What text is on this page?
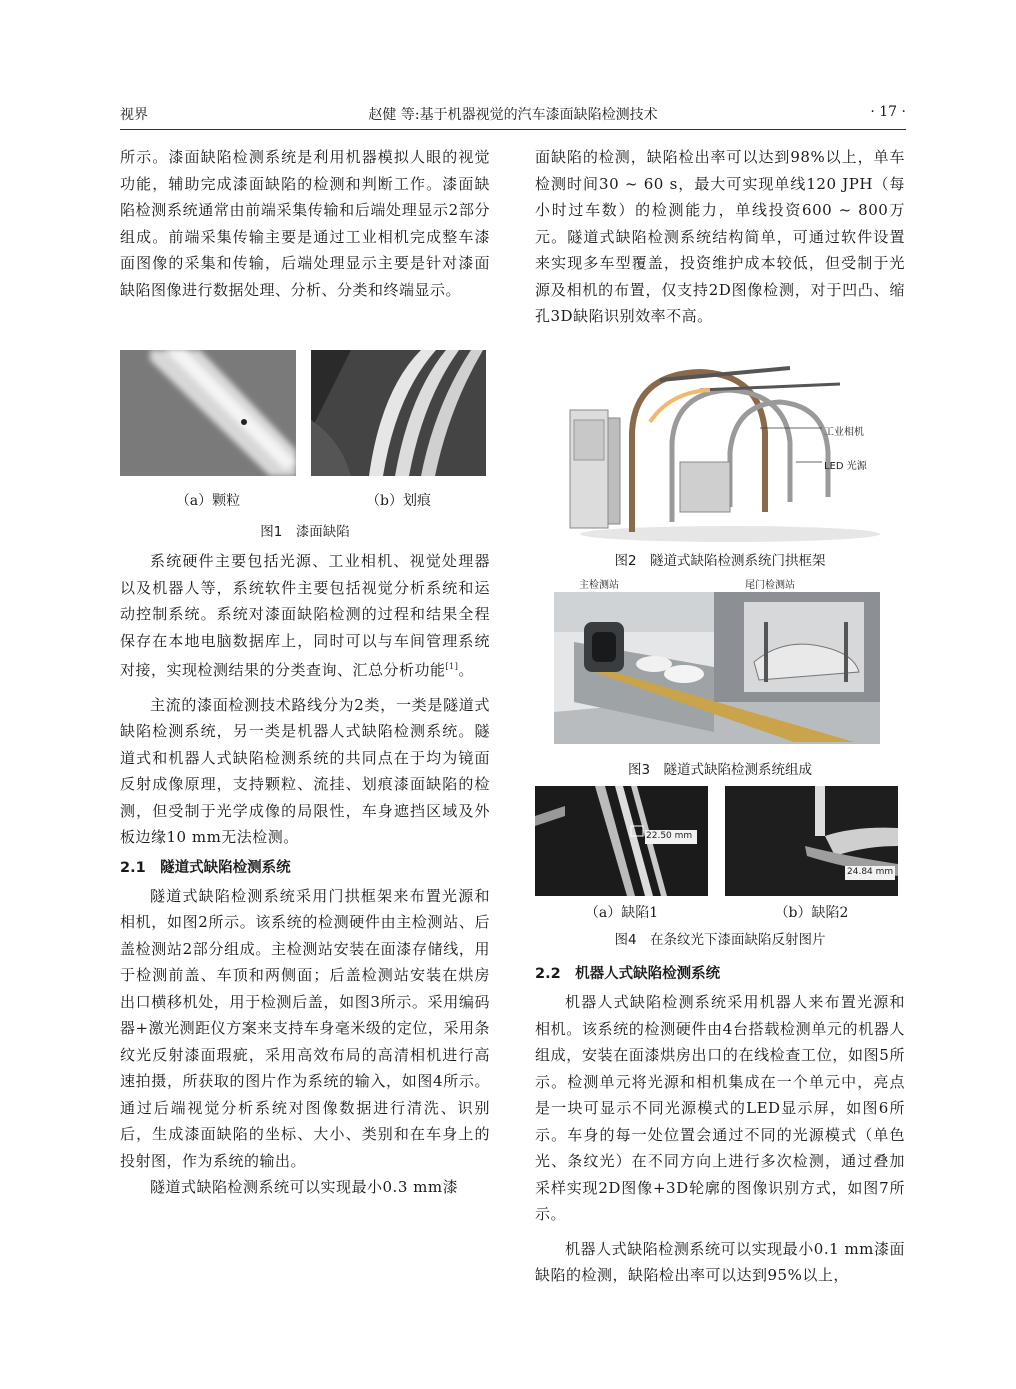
视界	赵健 等:基于机器视觉的汽车漆面缺陷检测技术	· 17 ·

所示。漆面缺陷检测系统是利用机器模拟人眼的视觉功能，辅助完成漆面缺陷的检测和判断工作。漆面缺陷检测系统通常由前端采集传输和后端处理显示2部分组成。前端采集传输主要是通过工业相机完成整车漆面图像的采集和传输，后端处理显示主要是针对漆面缺陷图像进行数据处理、分析、分类和终端显示。

（a）颗粒	（b）划痕
图1　漆面缺陷

系统硬件主要包括光源、工业相机、视觉处理器以及机器人等，系统软件主要包括视觉分析系统和运动控制系统。系统对漆面缺陷检测的过程和结果全程保存在本地电脑数据库上，同时可以与车间管理系统对接，实现检测结果的分类查询、汇总分析功能[1]。

主流的漆面检测技术路线分为2类，一类是隧道式缺陷检测系统，另一类是机器人式缺陷检测系统。隧道式和机器人式缺陷检测系统的共同点在于均为镜面反射成像原理，支持颗粒、流挂、划痕漆面缺陷的检测，但受制于光学成像的局限性，车身遮挡区域及外板边缘10 mm无法检测。

2.1　隧道式缺陷检测系统

隧道式缺陷检测系统采用门拱框架来布置光源和相机，如图2所示。该系统的检测硬件由主检测站、后盖检测站2部分组成。主检测站安装在面漆存储线，用于检测前盖、车顶和两侧面；后盖检测站安装在烘房出口横移机处，用于检测后盖，如图3所示。采用编码器+激光测距仪方案来支持车身毫米级的定位，采用条纹光反射漆面瑕疵，采用高效布局的高清相机进行高速拍摄，所获取的图片作为系统的输入，如图4所示。通过后端视觉分析系统对图像数据进行清洗、识别后，生成漆面缺陷的坐标、大小、类别和在车身上的投射图，作为系统的输出。

隧道式缺陷检测系统可以实现最小0.3 mm漆

面缺陷的检测，缺陷检出率可以达到98%以上，单车检测时间30 ~ 60 s，最大可实现单线120 JPH（每小时过车数）的检测能力，单线投资600 ~ 800万元。隧道式缺陷检测系统结构简单，可通过软件设置来实现多车型覆盖，投资维护成本较低，但受制于光源及相机的布置，仅支持2D图像检测，对于凹凸、缩孔3D缺陷识别效率不高。

工业相机
LED 光源
图2　隧道式缺陷检测系统门拱框架
主检测站	尾门检测站
图3　隧道式缺陷检测系统组成
22.50 mm
24.84 mm
（a）缺陷1	（b）缺陷2
图4　在条纹光下漆面缺陷反射图片
2.2　机器人式缺陷检测系统

机器人式缺陷检测系统采用机器人来布置光源和相机。该系统的检测硬件由4台搭载检测单元的机器人组成，安装在面漆烘房出口的在线检查工位，如图5所示。检测单元将光源和相机集成在一个单元中，亮点是一块可显示不同光源模式的LED显示屏，如图6所示。车身的每一处位置会通过不同的光源模式（单色光、条纹光）在不同方向上进行多次检测，通过叠加采样实现2D图像+3D轮廓的图像识别方式，如图7所示。

机器人式缺陷检测系统可以实现最小0.1 mm漆面缺陷的检测，缺陷检出率可以达到95%以上，
